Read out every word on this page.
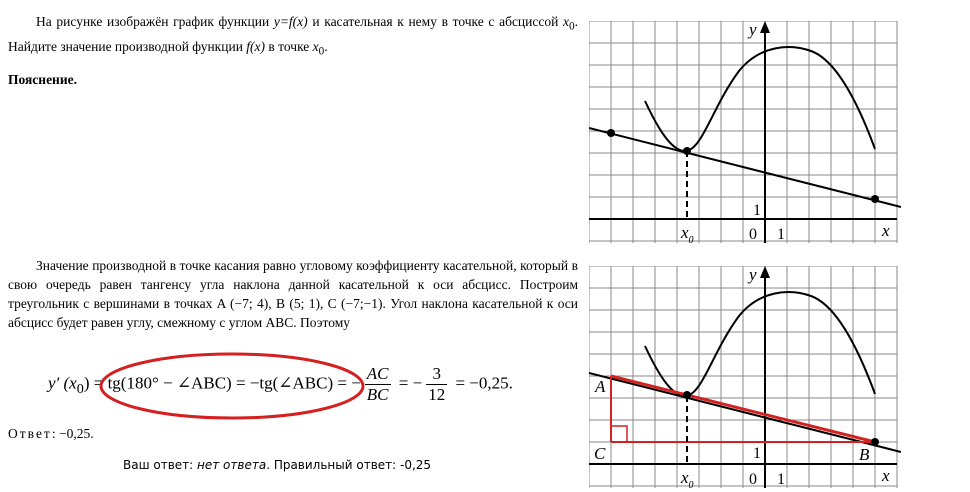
На рисунке изображён график функции y=f(x) и касательная к нему в точке с абсциссой $x_0$. Найдите значение производной функции f(x) в точке $x_0$.
Пояснение.
Значение производной в точке касания равно угловому коэффициенту касательной, который в свою очередь равен тангенсу угла наклона данной касательной к оси абсцисс. Построим треугольник с вершинами в точках A (−7; 4), B (5; 1), C (−7;−1). Угол наклона касательной к оси абсцисс будет равен углу, смежному с углом ABC. Поэтому
y′ $(x_0) = tg(180^\circ$ − ∠ABC) = −tg(∠ABC) = − $\frac{AC}{BC}$ = − $\frac{3}{12} = -0,25$.
Ответ: −0,25.
Ваш ответ: нет ответа. Правильный ответ: -0,25
y
x
0
1
1
$x_0$
A
B
C
y
x
0
1
1
$x_0$
